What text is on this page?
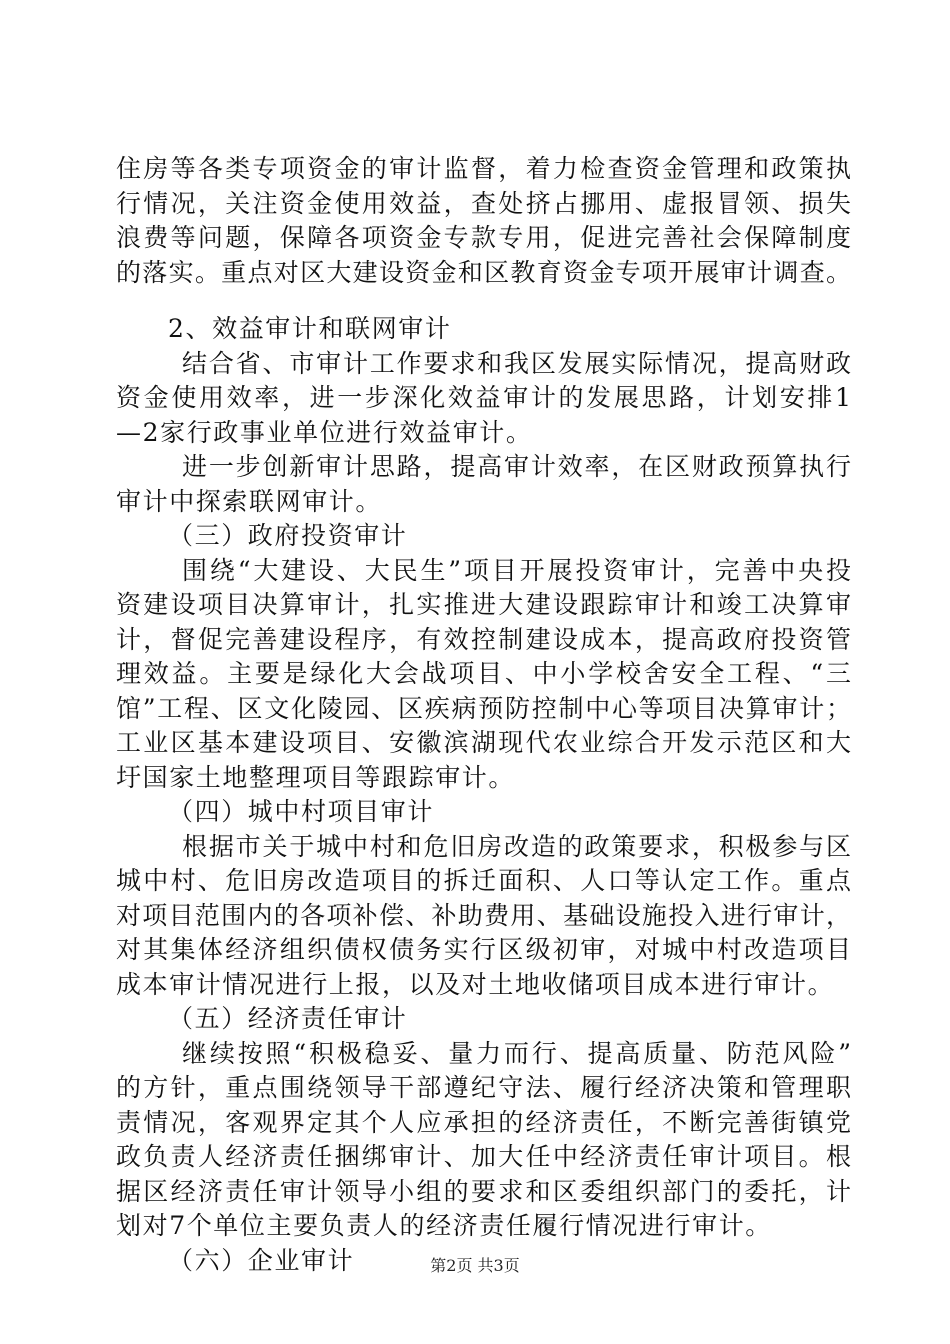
住房等各类专项资金的审计监督，着力检查资金管理和政策执
行情况，关注资金使用效益，查处挤占挪用、虚报冒领、损失
浪费等问题，保障各项资金专款专用，促进完善社会保障制度
的落实。重点对区大建设资金和区教育资金专项开展审计调查。
2、效益审计和联网审计
结合省、市审计工作要求和我区发展实际情况，提高财政
资金使用效率，进一步深化效益审计的发展思路，计划安排1
—2家行政事业单位进行效益审计。
进一步创新审计思路，提高审计效率，在区财政预算执行
审计中探索联网审计。
（三）政府投资审计
围绕“大建设、大民生”项目开展投资审计，完善中央投
资建设项目决算审计，扎实推进大建设跟踪审计和竣工决算审
计，督促完善建设程序，有效控制建设成本，提高政府投资管
理效益。主要是绿化大会战项目、中小学校舍安全工程、“三
馆”工程、区文化陵园、区疾病预防控制中心等项目决算审计；
工业区基本建设项目、安徽滨湖现代农业综合开发示范区和大
圩国家土地整理项目等跟踪审计。
（四）城中村项目审计
根据市关于城中村和危旧房改造的政策要求，积极参与区
城中村、危旧房改造项目的拆迁面积、人口等认定工作。重点
对项目范围内的各项补偿、补助费用、基础设施投入进行审计，
对其集体经济组织债权债务实行区级初审，对城中村改造项目
成本审计情况进行上报，以及对土地收储项目成本进行审计。
（五）经济责任审计
继续按照“积极稳妥、量力而行、提高质量、防范风险”
的方针，重点围绕领导干部遵纪守法、履行经济决策和管理职
责情况，客观界定其个人应承担的经济责任，不断完善街镇党
政负责人经济责任捆绑审计、加大任中经济责任审计项目。根
据区经济责任审计领导小组的要求和区委组织部门的委托，计
划对7个单位主要负责人的经济责任履行情况进行审计。
（六）企业审计	第2页 共3页
